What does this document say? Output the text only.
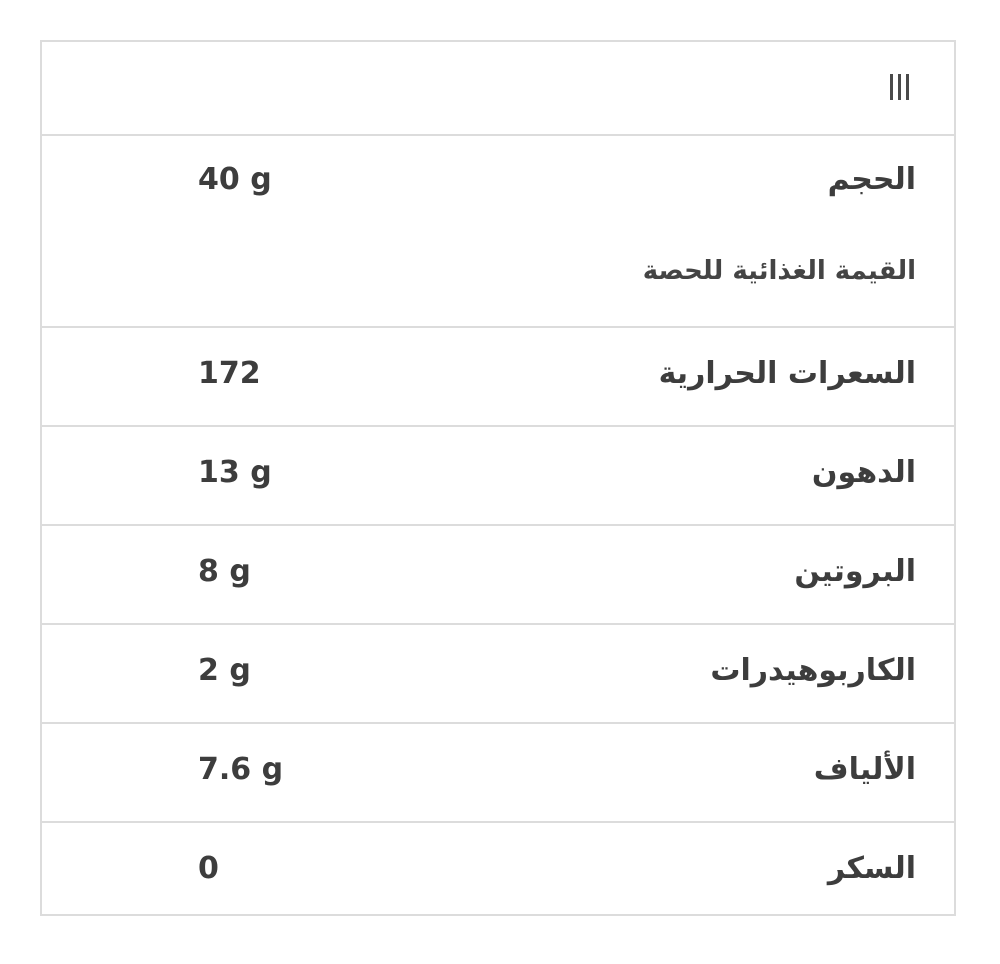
الحجم
40 g
القيمة الغذائية للحصة
السعرات الحرارية
172
الدهون
13 g
البروتين
8 g
الكاربوهيدرات
2 g
الألياف
7.6 g
السكر
0
